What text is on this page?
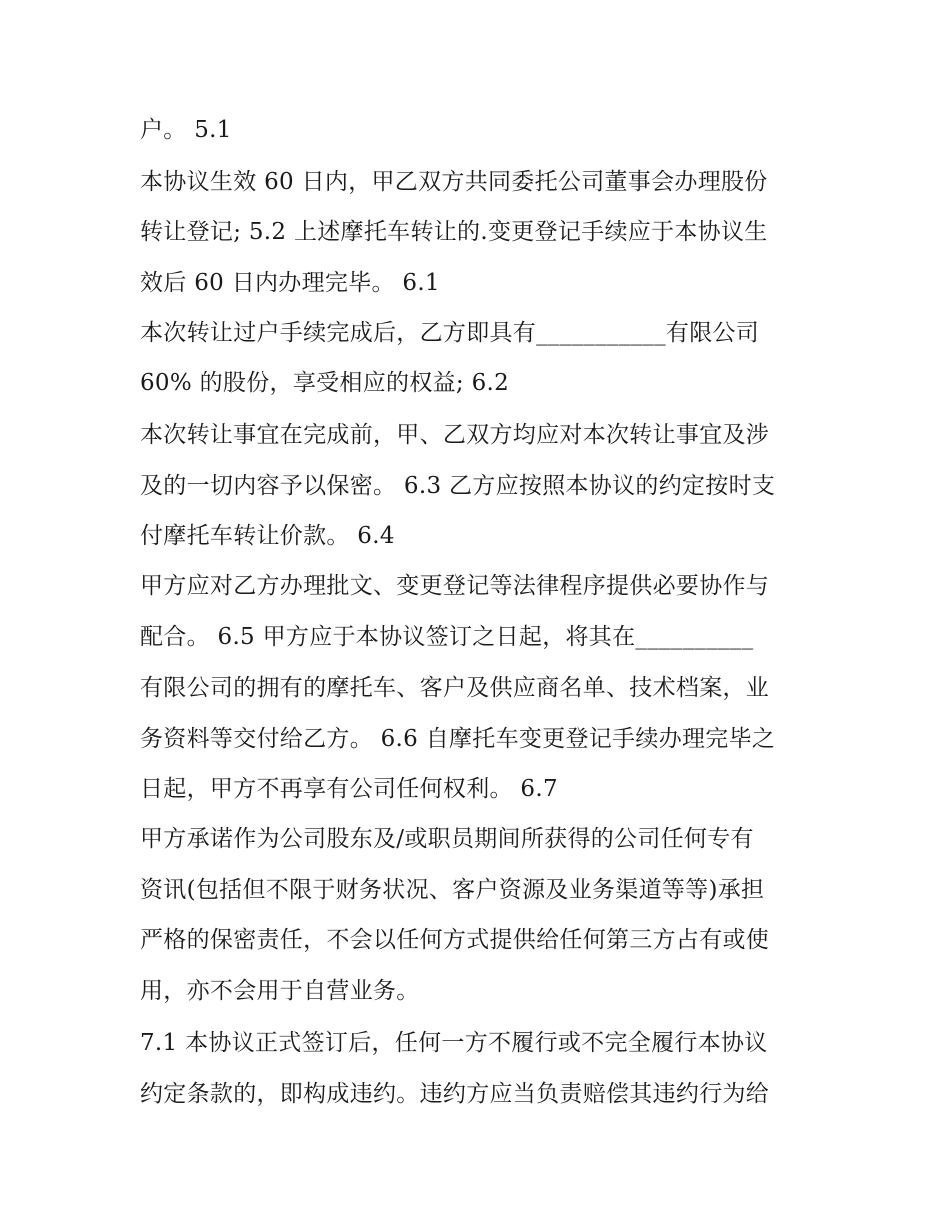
户。 5.1
本协议生效 60 日内，甲乙双方共同委托公司董事会办理股份
转让登记; 5.2 上述摩托车转让的.变更登记手续应于本协议生
效后 60 日内办理完毕。 6.1
本次转让过户手续完成后，乙方即具有___________有限公司
60% 的股份，享受相应的权益; 6.2
本次转让事宜在完成前，甲、乙双方均应对本次转让事宜及涉
及的一切内容予以保密。 6.3 乙方应按照本协议的约定按时支
付摩托车转让价款。 6.4
甲方应对乙方办理批文、变更登记等法律程序提供必要协作与
配合。 6.5 甲方应于本协议签订之日起，将其在__________
有限公司的拥有的摩托车、客户及供应商名单、技术档案，业
务资料等交付给乙方。 6.6 自摩托车变更登记手续办理完毕之
日起，甲方不再享有公司任何权利。 6.7
甲方承诺作为公司股东及/或职员期间所获得的公司任何专有
资讯(包括但不限于财务状况、客户资源及业务渠道等等)承担
严格的保密责任，不会以任何方式提供给任何第三方占有或使
用，亦不会用于自营业务。
7.1 本协议正式签订后，任何一方不履行或不完全履行本协议
约定条款的，即构成违约。违约方应当负责赔偿其违约行为给
